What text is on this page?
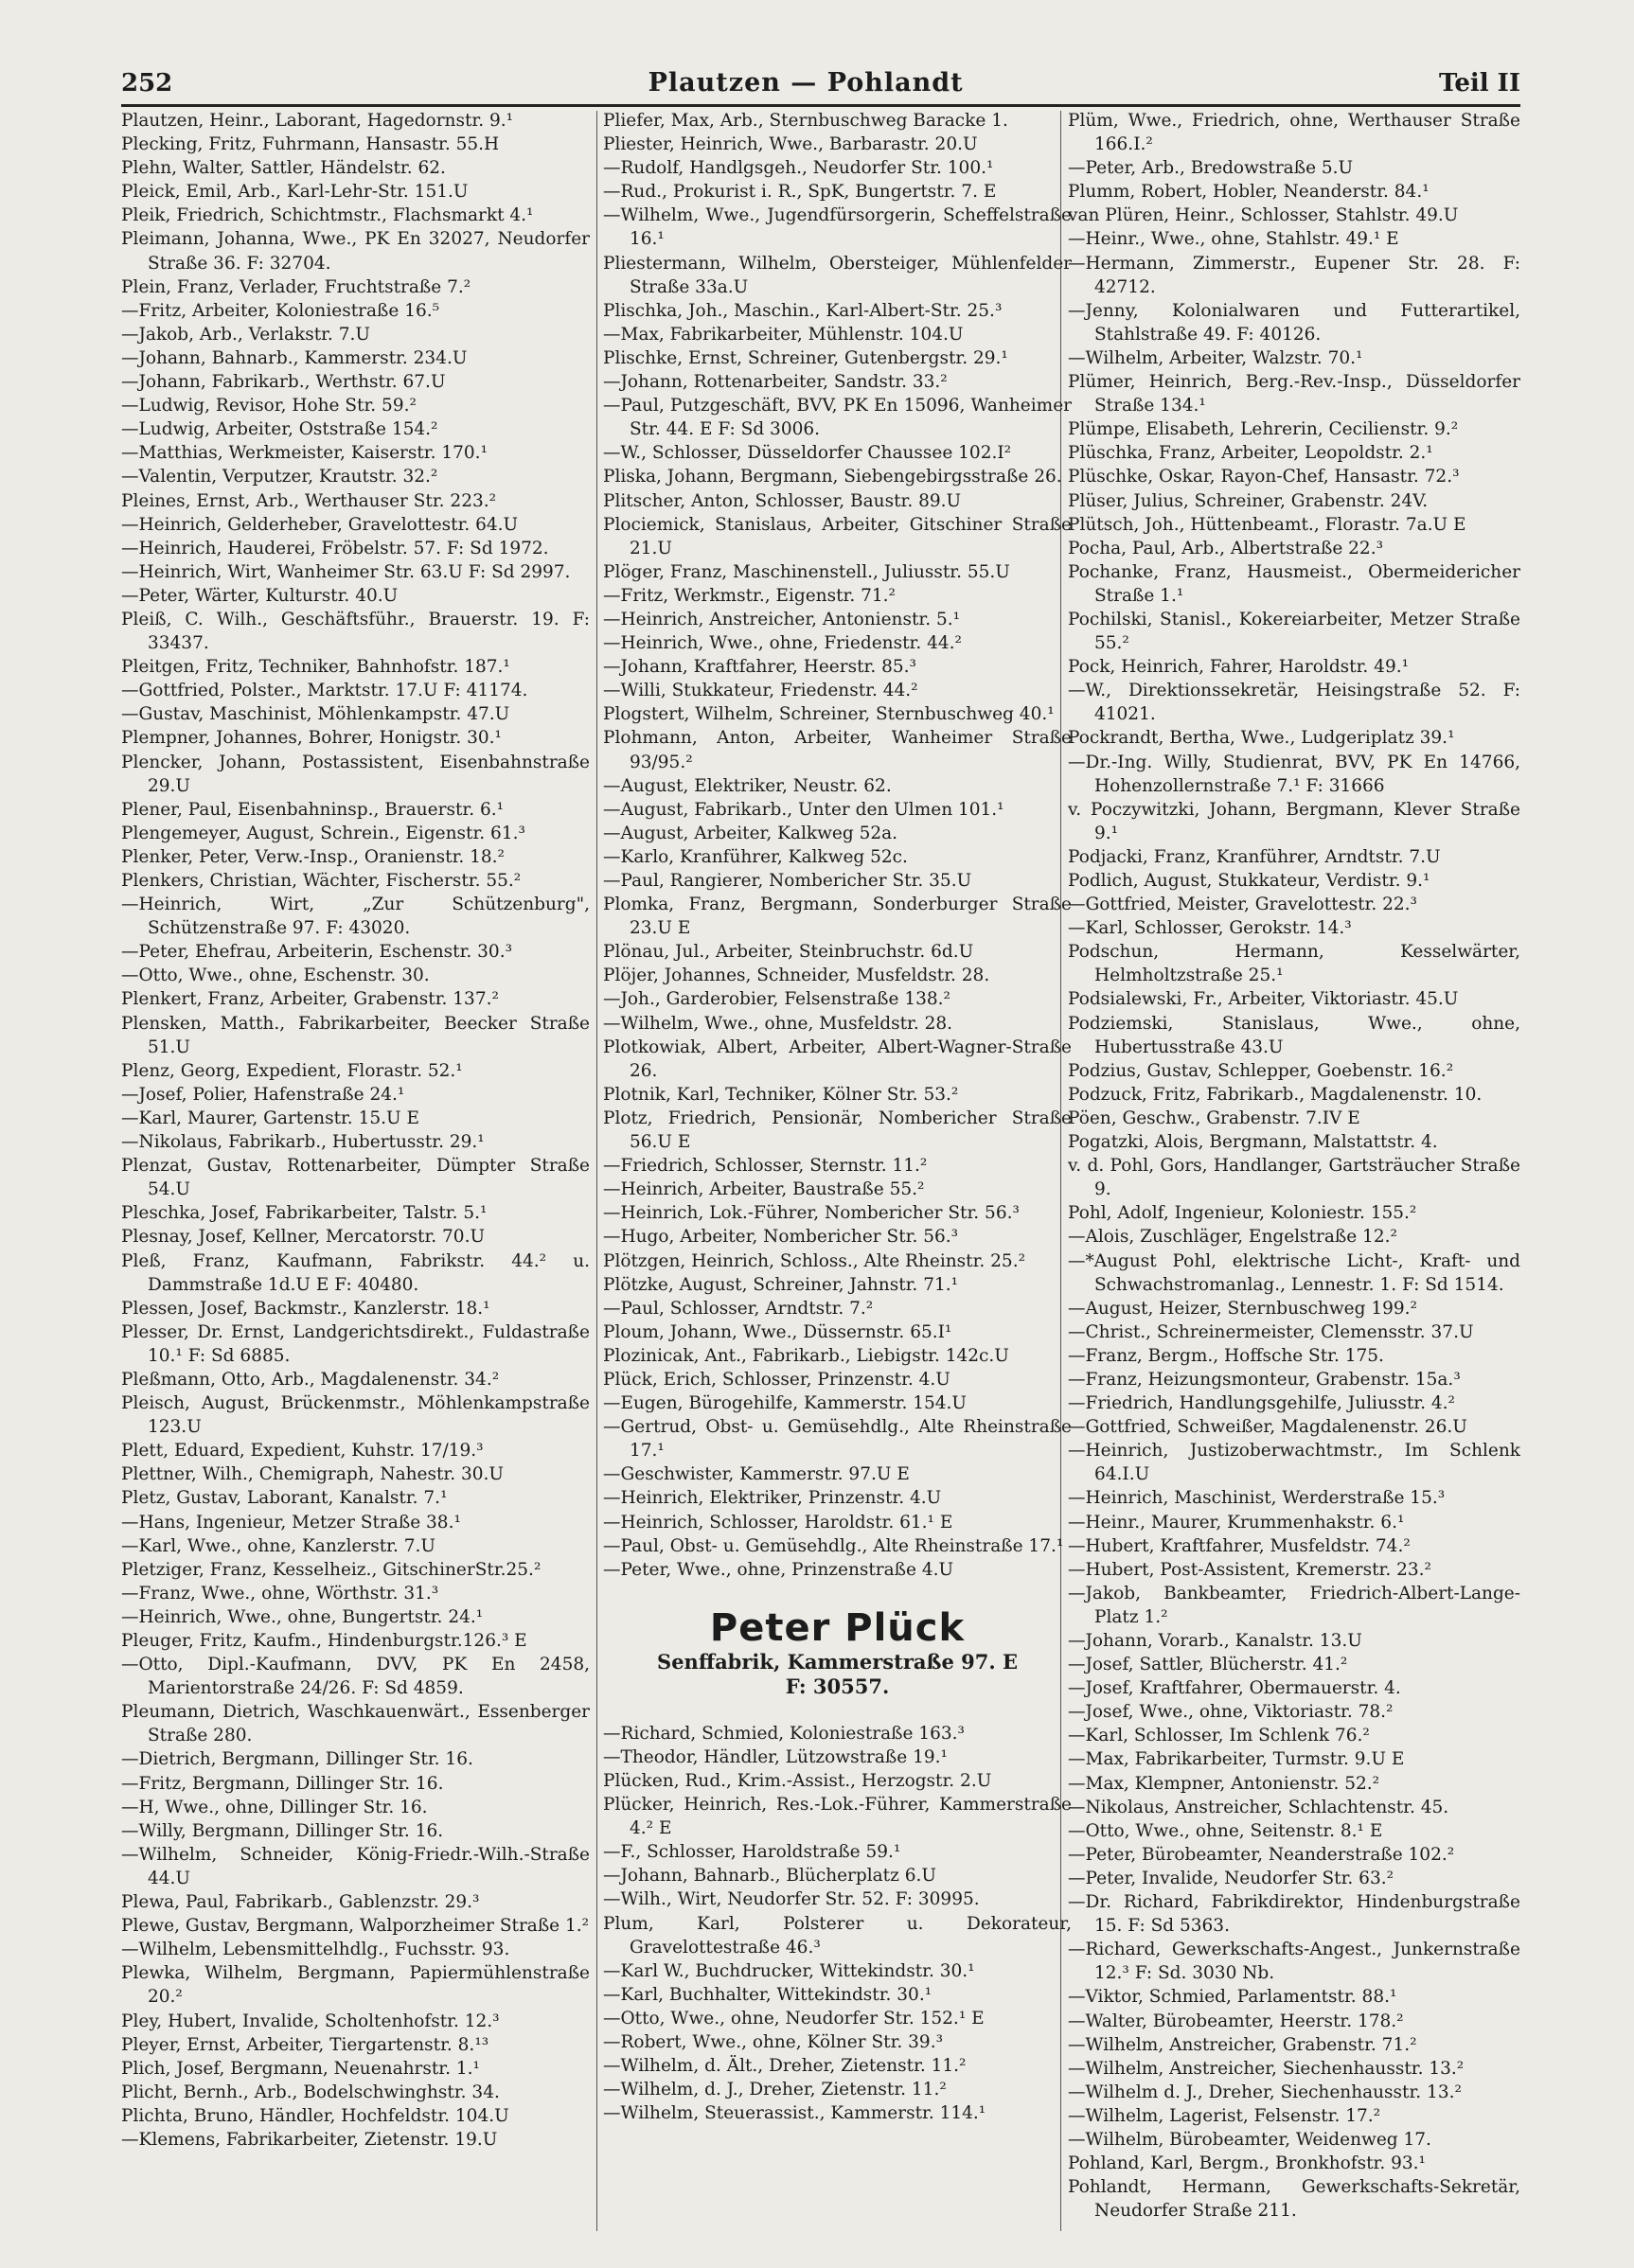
252	Plautzen — Pohlandt	Teil II

Plautzen, Heinr., Laborant, Hagedornstr. 9.¹

Plecking, Fritz, Fuhrmann, Hansastr. 55.H

Plehn, Walter, Sattler, Händelstr. 62.

Pleick, Emil, Arb., Karl-Lehr-Str. 151.U

Pleik, Friedrich, Schichtmstr., Flachsmarkt 4.¹

Pleimann, Johanna, Wwe., PK En 32027, Neudorfer Straße 36. F: 32704.

Plein, Franz, Verlader, Fruchtstraße 7.²

—Fritz, Arbeiter, Koloniestraße 16.⁵

—Jakob, Arb., Verlakstr. 7.U

—Johann, Bahnarb., Kammerstr. 234.U

—Johann, Fabrikarb., Werthstr. 67.U

—Ludwig, Revisor, Hohe Str. 59.²

—Ludwig, Arbeiter, Oststraße 154.²

—Matthias, Werkmeister, Kaiserstr. 170.¹

—Valentin, Verputzer, Krautstr. 32.²

Pleines, Ernst, Arb., Werthauser Str. 223.²

—Heinrich, Gelderheber, Gravelottestr. 64.U

—Heinrich, Hauderei, Fröbelstr. 57. F: Sd 1972.

—Heinrich, Wirt, Wanheimer Str. 63.U F: Sd 2997.

—Peter, Wärter, Kulturstr. 40.U

Pleiß, C. Wilh., Geschäftsführ., Brauerstr. 19. F: 33437.

Pleitgen, Fritz, Techniker, Bahnhofstr. 187.¹

—Gottfried, Polster., Marktstr. 17.U F: 41174.

—Gustav, Maschinist, Möhlenkampstr. 47.U

Plempner, Johannes, Bohrer, Honigstr. 30.¹

Plencker, Johann, Postassistent, Eisenbahnstraße 29.U

Plener, Paul, Eisenbahninsp., Brauerstr. 6.¹

Plengemeyer, August, Schrein., Eigenstr. 61.³

Plenker, Peter, Verw.-Insp., Oranienstr. 18.²

Plenkers, Christian, Wächter, Fischerstr. 55.²

—Heinrich, Wirt, „Zur Schützenburg", Schützenstraße 97. F: 43020.

—Peter, Ehefrau, Arbeiterin, Eschenstr. 30.³

—Otto, Wwe., ohne, Eschenstr. 30.

Plenkert, Franz, Arbeiter, Grabenstr. 137.²

Plensken, Matth., Fabrikarbeiter, Beecker Straße 51.U

Plenz, Georg, Expedient, Florastr. 52.¹

—Josef, Polier, Hafenstraße 24.¹

—Karl, Maurer, Gartenstr. 15.U E

—Nikolaus, Fabrikarb., Hubertusstr. 29.¹

Plenzat, Gustav, Rottenarbeiter, Dümpter Straße 54.U

Pleschka, Josef, Fabrikarbeiter, Talstr. 5.¹

Plesnay, Josef, Kellner, Mercatorstr. 70.U

Pleß, Franz, Kaufmann, Fabrikstr. 44.² u. Dammstraße 1d.U E F: 40480.

Plessen, Josef, Backmstr., Kanzlerstr. 18.¹

Plesser, Dr. Ernst, Landgerichtsdirekt., Fuldastraße 10.¹ F: Sd 6885.

Pleßmann, Otto, Arb., Magdalenenstr. 34.²

Pleisch, August, Brückenmstr., Möhlenkampstraße 123.U

Plett, Eduard, Expedient, Kuhstr. 17/19.³

Plettner, Wilh., Chemigraph, Nahestr. 30.U

Pletz, Gustav, Laborant, Kanalstr. 7.¹

—Hans, Ingenieur, Metzer Straße 38.¹

—Karl, Wwe., ohne, Kanzlerstr. 7.U

Pletziger, Franz, Kesselheiz., GitschinerStr.25.²

—Franz, Wwe., ohne, Wörthstr. 31.³

—Heinrich, Wwe., ohne, Bungertstr. 24.¹

Pleuger, Fritz, Kaufm., Hindenburgstr.126.³ E

—Otto, Dipl.-Kaufmann, DVV, PK En 2458, Marientorstraße 24/26. F: Sd 4859.

Pleumann, Dietrich, Waschkauenwärt., Essenberger Straße 280.

—Dietrich, Bergmann, Dillinger Str. 16.

—Fritz, Bergmann, Dillinger Str. 16.

—H, Wwe., ohne, Dillinger Str. 16.

—Willy, Bergmann, Dillinger Str. 16.

—Wilhelm, Schneider, König-Friedr.-Wilh.-Straße 44.U

Plewa, Paul, Fabrikarb., Gablenzstr. 29.³

Plewe, Gustav, Bergmann, Walporzheimer Straße 1.²

—Wilhelm, Lebensmittelhdlg., Fuchsstr. 93.

Plewka, Wilhelm, Bergmann, Papiermühlenstraße 20.²

Pley, Hubert, Invalide, Scholtenhofstr. 12.³

Pleyer, Ernst, Arbeiter, Tiergartenstr. 8.¹³

Plich, Josef, Bergmann, Neuenahrstr. 1.¹

Plicht, Bernh., Arb., Bodelschwinghstr. 34.

Plichta, Bruno, Händler, Hochfeldstr. 104.U

—Klemens, Fabrikarbeiter, Zietenstr. 19.U

Pliefer, Max, Arb., Sternbuschweg Baracke 1.

Pliester, Heinrich, Wwe., Barbarastr. 20.U

—Rudolf, Handlgsgeh., Neudorfer Str. 100.¹

—Rud., Prokurist i. R., SpK, Bungertstr. 7. E

—Wilhelm, Wwe., Jugendfürsorgerin, Scheffelstraße 16.¹

Pliestermann, Wilhelm, Obersteiger, Mühlenfelder Straße 33a.U

Plischka, Joh., Maschin., Karl-Albert-Str. 25.³

—Max, Fabrikarbeiter, Mühlenstr. 104.U

Plischke, Ernst, Schreiner, Gutenbergstr. 29.¹

—Johann, Rottenarbeiter, Sandstr. 33.²

—Paul, Putzgeschäft, BVV, PK En 15096, Wanheimer Str. 44. E F: Sd 3006.

—W., Schlosser, Düsseldorfer Chaussee 102.I²

Pliska, Johann, Bergmann, Siebengebirgsstraße 26.

Plitscher, Anton, Schlosser, Baustr. 89.U

Plociemick, Stanislaus, Arbeiter, Gitschiner Straße 21.U

Plöger, Franz, Maschinenstell., Juliusstr. 55.U

—Fritz, Werkmstr., Eigenstr. 71.²

—Heinrich, Anstreicher, Antonienstr. 5.¹

—Heinrich, Wwe., ohne, Friedenstr. 44.²

—Johann, Kraftfahrer, Heerstr. 85.³

—Willi, Stukkateur, Friedenstr. 44.²

Plogstert, Wilhelm, Schreiner, Sternbuschweg 40.¹

Plohmann, Anton, Arbeiter, Wanheimer Straße 93/95.²

—August, Elektriker, Neustr. 62.

—August, Fabrikarb., Unter den Ulmen 101.¹

—August, Arbeiter, Kalkweg 52a.

—Karlo, Kranführer, Kalkweg 52c.

—Paul, Rangierer, Nombericher Str. 35.U

Plomka, Franz, Bergmann, Sonderburger Straße 23.U E

Plönau, Jul., Arbeiter, Steinbruchstr. 6d.U

Plöjer, Johannes, Schneider, Musfeldstr. 28.

—Joh., Garderobier, Felsenstraße 138.²

—Wilhelm, Wwe., ohne, Musfeldstr. 28.

Plotkowiak, Albert, Arbeiter, Albert-Wagner-Straße 26.

Plotnik, Karl, Techniker, Kölner Str. 53.²

Plotz, Friedrich, Pensionär, Nombericher Straße 56.U E

—Friedrich, Schlosser, Sternstr. 11.²

—Heinrich, Arbeiter, Baustraße 55.²

—Heinrich, Lok.-Führer, Nombericher Str. 56.³

—Hugo, Arbeiter, Nombericher Str. 56.³

Plötzgen, Heinrich, Schloss., Alte Rheinstr. 25.²

Plötzke, August, Schreiner, Jahnstr. 71.¹

—Paul, Schlosser, Arndtstr. 7.²

Ploum, Johann, Wwe., Düssernstr. 65.I¹

Plozinicak, Ant., Fabrikarb., Liebigstr. 142c.U

Plück, Erich, Schlosser, Prinzenstr. 4.U

—Eugen, Bürogehilfe, Kammerstr. 154.U

—Gertrud, Obst- u. Gemüsehdlg., Alte Rheinstraße 17.¹

—Geschwister, Kammerstr. 97.U E

—Heinrich, Elektriker, Prinzenstr. 4.U

—Heinrich, Schlosser, Haroldstr. 61.¹ E

—Paul, Obst- u. Gemüsehdlg., Alte Rheinstraße 17.¹

—Peter, Wwe., ohne, Prinzenstraße 4.U

Peter Plück
Senffabrik, Kammerstraße 97. E
F: 30557.

—Richard, Schmied, Koloniestraße 163.³

—Theodor, Händler, Lützowstraße 19.¹

Plücken, Rud., Krim.-Assist., Herzogstr. 2.U

Plücker, Heinrich, Res.-Lok.-Führer, Kammerstraße 4.² E

—F., Schlosser, Haroldstraße 59.¹

—Johann, Bahnarb., Blücherplatz 6.U

—Wilh., Wirt, Neudorfer Str. 52. F: 30995.

Plum, Karl, Polsterer u. Dekorateur, Gravelottestraße 46.³

—Karl W., Buchdrucker, Wittekindstr. 30.¹

—Karl, Buchhalter, Wittekindstr. 30.¹

—Otto, Wwe., ohne, Neudorfer Str. 152.¹ E

—Robert, Wwe., ohne, Kölner Str. 39.³

—Wilhelm, d. Ält., Dreher, Zietenstr. 11.²

—Wilhelm, d. J., Dreher, Zietenstr. 11.²

—Wilhelm, Steuerassist., Kammerstr. 114.¹

Plüm, Wwe., Friedrich, ohne, Werthauser Straße 166.I.²

—Peter, Arb., Bredowstraße 5.U

Plumm, Robert, Hobler, Neanderstr. 84.¹

van Plüren, Heinr., Schlosser, Stahlstr. 49.U

—Heinr., Wwe., ohne, Stahlstr. 49.¹ E

—Hermann, Zimmerstr., Eupener Str. 28. F: 42712.

—Jenny, Kolonialwaren und Futterartikel, Stahlstraße 49. F: 40126.

—Wilhelm, Arbeiter, Walzstr. 70.¹

Plümer, Heinrich, Berg.-Rev.-Insp., Düsseldorfer Straße 134.¹

Plümpe, Elisabeth, Lehrerin, Cecilienstr. 9.²

Plüschka, Franz, Arbeiter, Leopoldstr. 2.¹

Plüschke, Oskar, Rayon-Chef, Hansastr. 72.³

Plüser, Julius, Schreiner, Grabenstr. 24V.

Plütsch, Joh., Hüttenbeamt., Florastr. 7a.U E

Pocha, Paul, Arb., Albertstraße 22.³

Pochanke, Franz, Hausmeist., Obermeidericher Straße 1.¹

Pochilski, Stanisl., Kokereiarbeiter, Metzer Straße 55.²

Pock, Heinrich, Fahrer, Haroldstr. 49.¹

—W., Direktionssekretär, Heisingstraße 52. F: 41021.

Pockrandt, Bertha, Wwe., Ludgeriplatz 39.¹

—Dr.-Ing. Willy, Studienrat, BVV, PK En 14766, Hohenzollernstraße 7.¹ F: 31666

v. Poczywitzki, Johann, Bergmann, Klever Straße 9.¹

Podjacki, Franz, Kranführer, Arndtstr. 7.U

Podlich, August, Stukkateur, Verdistr. 9.¹

—Gottfried, Meister, Gravelottestr. 22.³

—Karl, Schlosser, Gerokstr. 14.³

Podschun, Hermann, Kesselwärter, Helmholtzstraße 25.¹

Podsialewski, Fr., Arbeiter, Viktoriastr. 45.U

Podziemski, Stanislaus, Wwe., ohne, Hubertusstraße 43.U

Podzius, Gustav, Schlepper, Goebenstr. 16.²

Podzuck, Fritz, Fabrikarb., Magdalenenstr. 10.

Pöen, Geschw., Grabenstr. 7.IV E

Pogatzki, Alois, Bergmann, Malstattstr. 4.

v. d. Pohl, Gors, Handlanger, Gartsträucher Straße 9.

Pohl, Adolf, Ingenieur, Koloniestr. 155.²

—Alois, Zuschläger, Engelstraße 12.²

—*August Pohl, elektrische Licht-, Kraft- und Schwachstromanlag., Lennestr. 1. F: Sd 1514.

—August, Heizer, Sternbuschweg 199.²

—Christ., Schreinermeister, Clemensstr. 37.U

—Franz, Bergm., Hoffsche Str. 175.

—Franz, Heizungsmonteur, Grabenstr. 15a.³

—Friedrich, Handlungsgehilfe, Juliusstr. 4.²

—Gottfried, Schweißer, Magdalenenstr. 26.U

—Heinrich, Justizoberwachtmstr., Im Schlenk 64.I.U

—Heinrich, Maschinist, Werderstraße 15.³

—Heinr., Maurer, Krummenhakstr. 6.¹

—Hubert, Kraftfahrer, Musfeldstr. 74.²

—Hubert, Post-Assistent, Kremerstr. 23.²

—Jakob, Bankbeamter, Friedrich-Albert-Lange-Platz 1.²

—Johann, Vorarb., Kanalstr. 13.U

—Josef, Sattler, Blücherstr. 41.²

—Josef, Kraftfahrer, Obermauerstr. 4.

—Josef, Wwe., ohne, Viktoriastr. 78.²

—Karl, Schlosser, Im Schlenk 76.²

—Max, Fabrikarbeiter, Turmstr. 9.U E

—Max, Klempner, Antonienstr. 52.²

—Nikolaus, Anstreicher, Schlachtenstr. 45.

—Otto, Wwe., ohne, Seitenstr. 8.¹ E

—Peter, Bürobeamter, Neanderstraße 102.²

—Peter, Invalide, Neudorfer Str. 63.²

—Dr. Richard, Fabrikdirektor, Hindenburgstraße 15. F: Sd 5363.

—Richard, Gewerkschafts-Angest., Junkernstraße 12.³ F: Sd. 3030 Nb.

—Viktor, Schmied, Parlamentstr. 88.¹

—Walter, Bürobeamter, Heerstr. 178.²

—Wilhelm, Anstreicher, Grabenstr. 71.²

—Wilhelm, Anstreicher, Siechenhausstr. 13.²

—Wilhelm d. J., Dreher, Siechenhausstr. 13.²

—Wilhelm, Lagerist, Felsenstr. 17.²

—Wilhelm, Bürobeamter, Weidenweg 17.

Pohland, Karl, Bergm., Bronkhofstr. 93.¹

Pohlandt, Hermann, Gewerkschafts-Sekretär, Neudorfer Straße 211.
